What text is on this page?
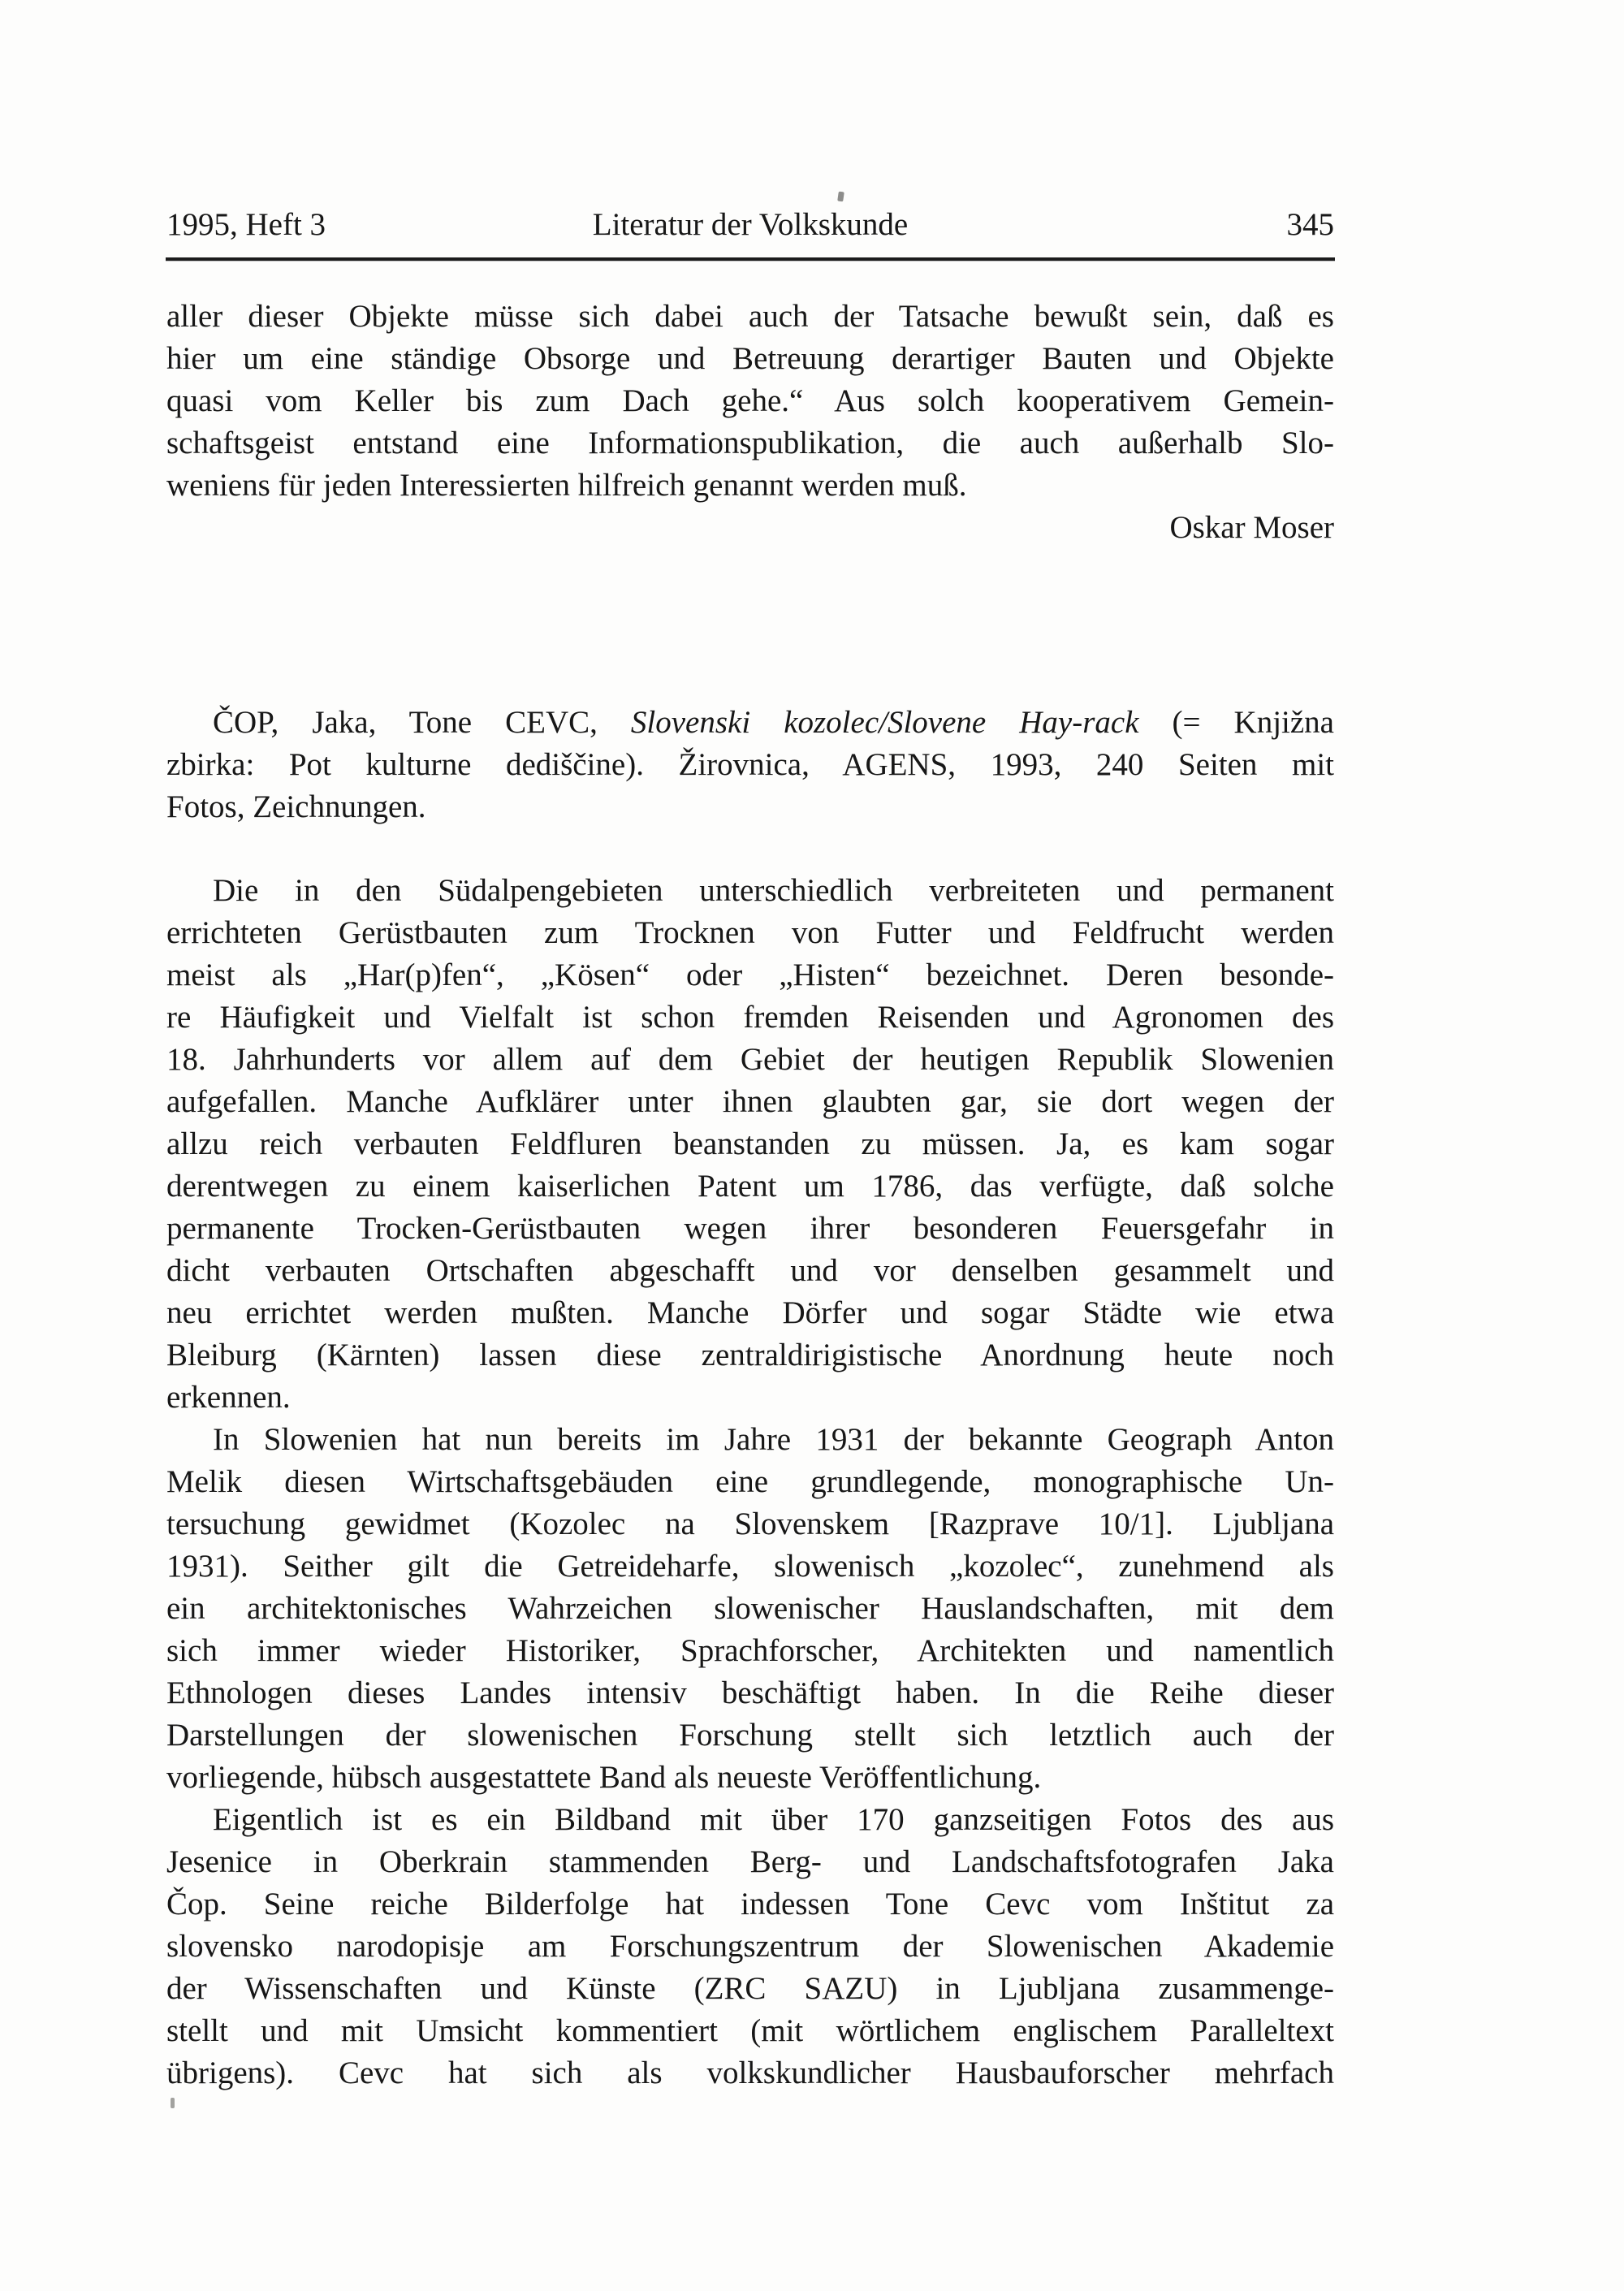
1995, Heft 3	Literatur der Volkskunde	345
aller dieser Objekte müsse sich dabei auch der Tatsache bewußt sein, daß es
hier um eine ständige Obsorge und Betreuung derartiger Bauten und Objekte
quasi vom Keller bis zum Dach gehe.“ Aus solch kooperativem Gemein-
schaftsgeist entstand eine Informationspublikation, die auch außerhalb Slo-
weniens für jeden Interessierten hilfreich genannt werden muß.
Oskar Moser
ČOP, Jaka, Tone CEVC, Slovenski kozolec/Slovene Hay-rack (= Knjižna
zbirka: Pot kulturne dediščine). Žirovnica, AGENS, 1993, 240 Seiten mit
Fotos, Zeichnungen.
Die in den Südalpengebieten unterschiedlich verbreiteten und permanent
errichteten Gerüstbauten zum Trocknen von Futter und Feldfrucht werden
meist als „Har(p)fen“, „Kösen“ oder „Histen“ bezeichnet. Deren besonde-
re Häufigkeit und Vielfalt ist schon fremden Reisenden und Agronomen des
18. Jahrhunderts vor allem auf dem Gebiet der heutigen Republik Slowenien
aufgefallen. Manche Aufklärer unter ihnen glaubten gar, sie dort wegen der
allzu reich verbauten Feldfluren beanstanden zu müssen. Ja, es kam sogar
derentwegen zu einem kaiserlichen Patent um 1786, das verfügte, daß solche
permanente Trocken-Gerüstbauten wegen ihrer besonderen Feuersgefahr in
dicht verbauten Ortschaften abgeschafft und vor denselben gesammelt und
neu errichtet werden mußten. Manche Dörfer und sogar Städte wie etwa
Bleiburg (Kärnten) lassen diese zentraldirigistische Anordnung heute noch
erkennen.
In Slowenien hat nun bereits im Jahre 1931 der bekannte Geograph Anton
Melik diesen Wirtschaftsgebäuden eine grundlegende, monographische Un-
tersuchung gewidmet (Kozolec na Slovenskem [Razprave 10/1]. Ljubljana
1931). Seither gilt die Getreideharfe, slowenisch „kozolec“, zunehmend als
ein architektonisches Wahrzeichen slowenischer Hauslandschaften, mit dem
sich immer wieder Historiker, Sprachforscher, Architekten und namentlich
Ethnologen dieses Landes intensiv beschäftigt haben. In die Reihe dieser
Darstellungen der slowenischen Forschung stellt sich letztlich auch der
vorliegende, hübsch ausgestattete Band als neueste Veröffentlichung.
Eigentlich ist es ein Bildband mit über 170 ganzseitigen Fotos des aus
Jesenice in Oberkrain stammenden Berg- und Landschaftsfotografen Jaka
Čop. Seine reiche Bilderfolge hat indessen Tone Cevc vom Inštitut za
slovensko narodopisje am Forschungszentrum der Slowenischen Akademie
der Wissenschaften und Künste (ZRC SAZU) in Ljubljana zusammenge-
stellt und mit Umsicht kommentiert (mit wörtlichem englischem Paralleltext
übrigens). Cevc hat sich als volkskundlicher Hausbauforscher mehrfach
